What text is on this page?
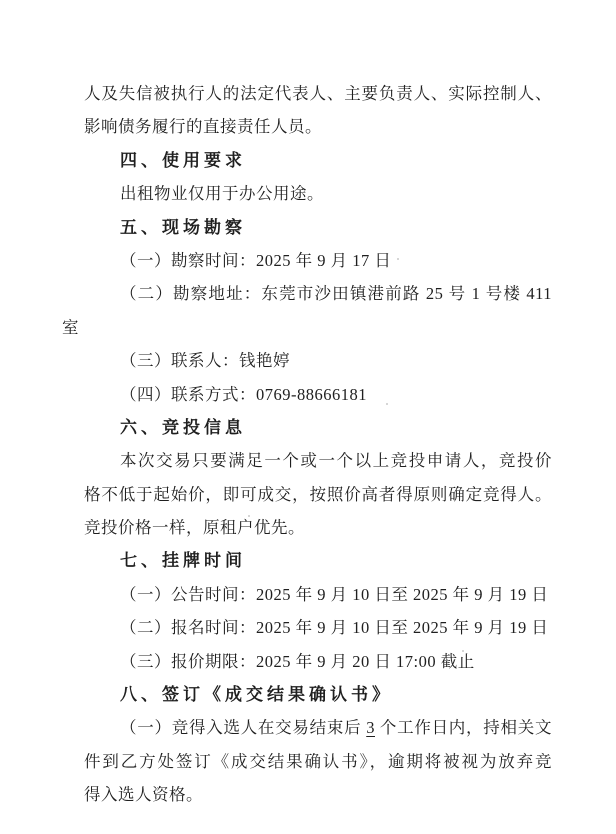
人及失信被执行人的法定代表人、主要负责人、实际控制人、
影响债务履行的直接责任人员。
四、使用要求
出租物业仅用于办公用途。
五、现场勘察
（一）勘察时间：2025 年 9 月 17 日
（二）勘察地址：东莞市沙田镇港前路 25 号 1 号楼 411
室
（三）联系人：钱艳婷
（四）联系方式：0769-88666181
六、竞投信息
本次交易只要满足一个或一个以上竞投申请人，竞投价
格不低于起始价，即可成交，按照价高者得原则确定竞得人。
竞投价格一样，原租户优先。
七、挂牌时间
（一）公告时间：2025 年 9 月 10 日至 2025 年 9 月 19 日
（二）报名时间：2025 年 9 月 10 日至 2025 年 9 月 19 日
（三）报价期限：2025 年 9 月 20 日 17:00 截止
八、签订《成交结果确认书》
（一）竞得入选人在交易结束后 3 个工作日内，持相关文
件到乙方处签订《成交结果确认书》，逾期将被视为放弃竞
得入选人资格。
